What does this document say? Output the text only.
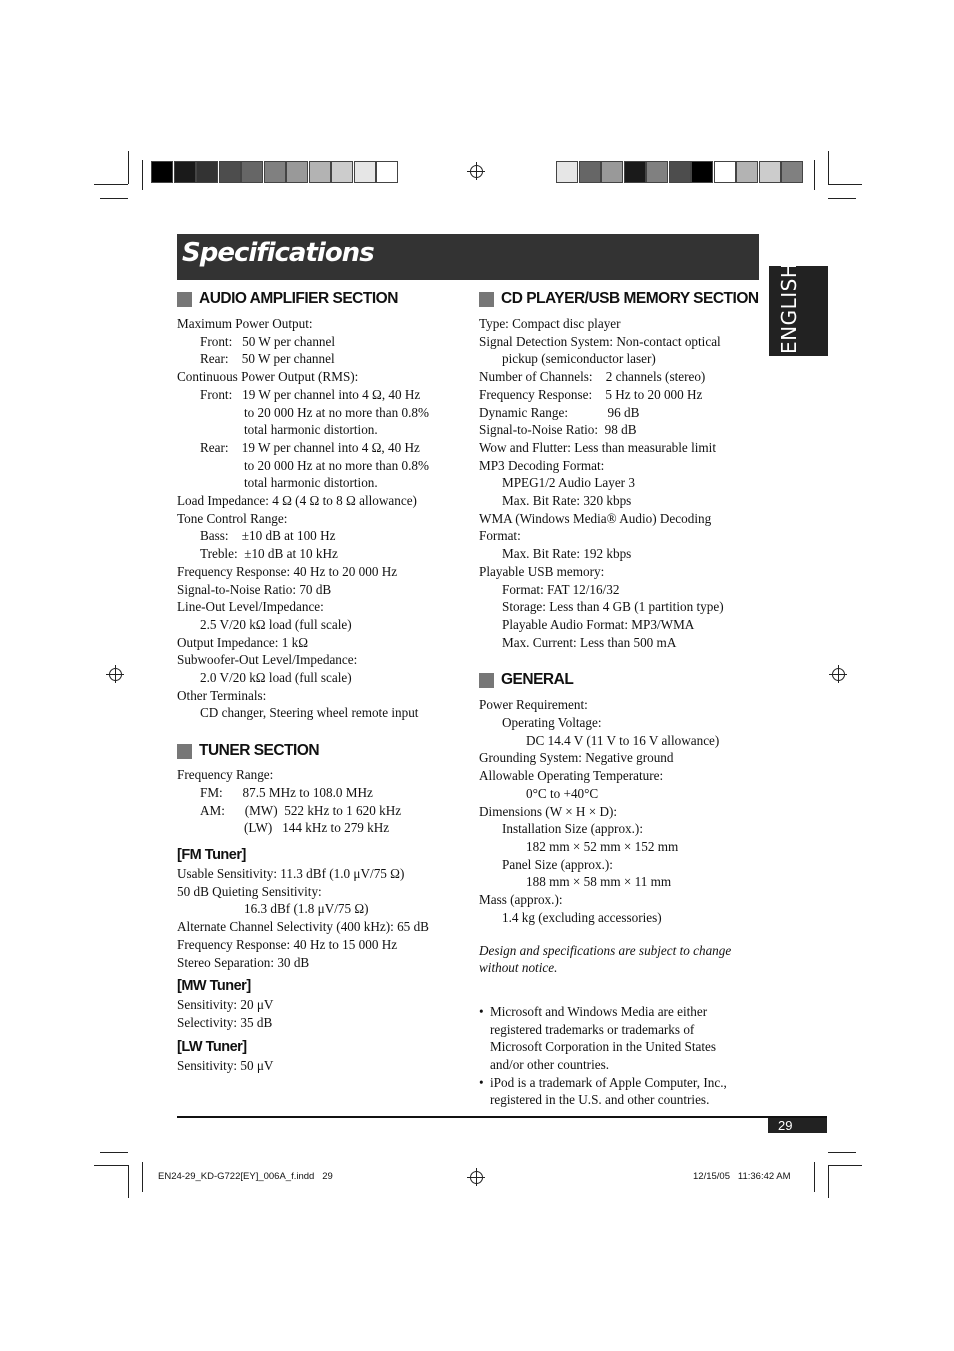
Specifications
ENGLISH
AUDIO AMPLIFIER SECTION

Maximum Power Output:

Front:   50 W per channel

Rear:    50 W per channel

Continuous Power Output (RMS):

Front:   19 W per channel into 4 Ω, 40 Hz

to 20 000 Hz at no more than 0.8%

total harmonic distortion.

Rear:    19 W per channel into 4 Ω, 40 Hz

to 20 000 Hz at no more than 0.8%

total harmonic distortion.

Load Impedance: 4 Ω (4 Ω to 8 Ω allowance)

Tone Control Range:

Bass:    ±10 dB at 100 Hz

Treble:  ±10 dB at 10 kHz

Frequency Response: 40 Hz to 20 000 Hz

Signal-to-Noise Ratio: 70 dB

Line-Out Level/Impedance:

2.5 V/20 kΩ load (full scale)

Output Impedance: 1 kΩ

Subwoofer-Out Level/Impedance:

2.0 V/20 kΩ load (full scale)

Other Terminals:

CD changer, Steering wheel remote input

TUNER SECTION

Frequency Range:

FM:      87.5 MHz to 108.0 MHz

AM:      (MW)  522 kHz to 1 620 kHz

(LW)   144 kHz to 279 kHz

[FM Tuner]

Usable Sensitivity: 11.3 dBf (1.0 μV/75 Ω)

50 dB Quieting Sensitivity:

16.3 dBf (1.8 μV/75 Ω)

Alternate Channel Selectivity (400 kHz): 65 dB

Frequency Response: 40 Hz to 15 000 Hz

Stereo Separation: 30 dB

[MW Tuner]

Sensitivity: 20 μV

Selectivity: 35 dB

[LW Tuner]

Sensitivity: 50 μV

CD PLAYER/USB MEMORY SECTION

Type: Compact disc player

Signal Detection System: Non-contact optical

pickup (semiconductor laser)

Number of Channels:    2 channels (stereo)

Frequency Response:    5 Hz to 20 000 Hz

Dynamic Range:            96 dB

Signal-to-Noise Ratio:  98 dB

Wow and Flutter: Less than measurable limit

MP3 Decoding Format:

MPEG1/2 Audio Layer 3

Max. Bit Rate: 320 kbps

WMA (Windows Media® Audio) Decoding

Format:

Max. Bit Rate: 192 kbps

Playable USB memory:

Format: FAT 12/16/32

Storage: Less than 4 GB (1 partition type)

Playable Audio Format: MP3/WMA

Max. Current: Less than 500 mA

GENERAL

Power Requirement:

Operating Voltage:

DC 14.4 V (11 V to 16 V allowance)

Grounding System: Negative ground

Allowable Operating Temperature:

0°C to +40°C

Dimensions (W × H × D):

Installation Size (approx.):

182 mm × 52 mm × 152 mm

Panel Size (approx.):

188 mm × 58 mm × 11 mm

Mass (approx.):

1.4 kg (excluding accessories)

Design and specifications are subject to change

without notice.

• Microsoft and Windows Media are either

registered trademarks or trademarks of

Microsoft Corporation in the United States

and/or other countries.

• iPod is a trademark of Apple Computer, Inc.,

registered in the U.S. and other countries.

29
EN24-29_KD-G722[EY]_006A_f.indd   29	12/15/05   11:36:42 AM
